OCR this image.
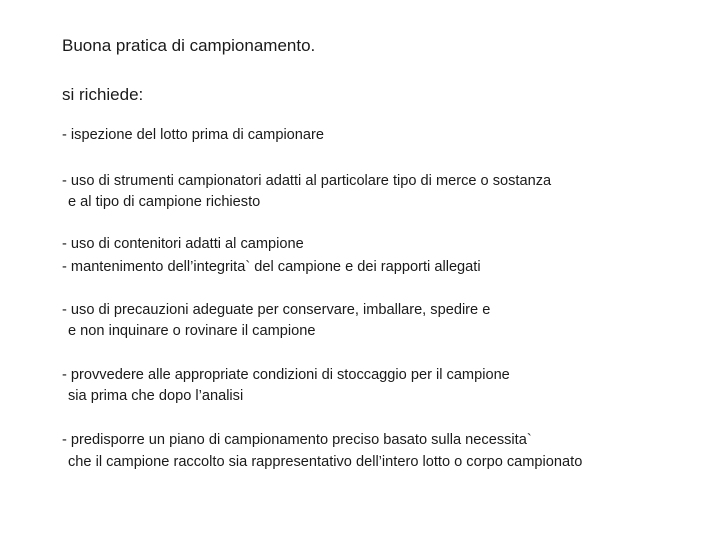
Buona pratica di campionamento.
si richiede:
- ispezione del lotto prima di campionare
- uso di strumenti campionatori adatti al particolare tipo di merce o sostanza
e al tipo di campione richiesto
- uso di contenitori adatti al campione
- mantenimento dell’integrita` del campione e dei rapporti allegati
- uso di precauzioni adeguate per conservare, imballare, spedire e
e non inquinare o rovinare il campione
- provvedere alle appropriate condizioni di stoccaggio per il campione
sia prima che dopo l’analisi
- predisporre un piano di campionamento preciso basato sulla necessita`
che il campione raccolto sia rappresentativo dell’intero lotto o corpo campionato
